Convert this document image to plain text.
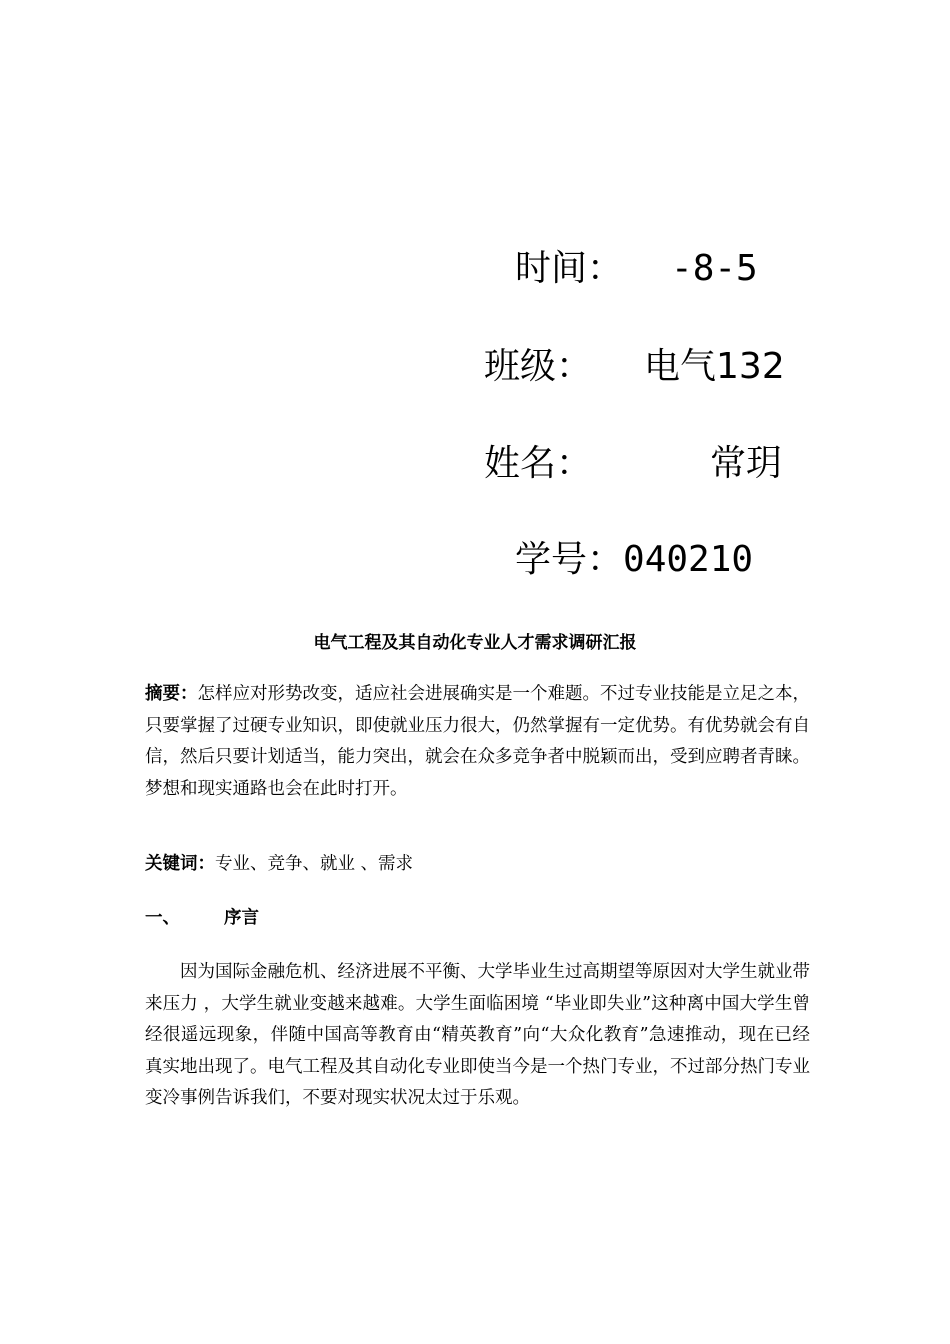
时间： -8-5
班级： 电气132
姓名：	常玥
学号：040210
电气工程及其自动化专业人才需求调研汇报
摘要：怎样应对形势改变，适应社会进展确实是一个难题。不过专业技能是立足之本，只要掌握了过硬专业知识，即使就业压力很大，仍然掌握有一定优势。有优势就会有自信，然后只要计划适当，能力突出，就会在众多竞争者中脱颖而出，受到应聘者青睐。梦想和现实通路也会在此时打开。
关键词：专业、竞争、就业 、需求
一、	序言
因为国际金融危机、经济进展不平衡、大学毕业生过高期望等原因对大学生就业带来压力 ，大学生就业变越来越难。大学生面临困境 “毕业即失业”这种离中国大学生曾经很遥远现象，伴随中国高等教育由“精英教育”向“大众化教育”急速推动，现在已经真实地出现了。电气工程及其自动化专业即使当今是一个热门专业，不过部分热门专业变冷事例告诉我们，不要对现实状况太过于乐观。
